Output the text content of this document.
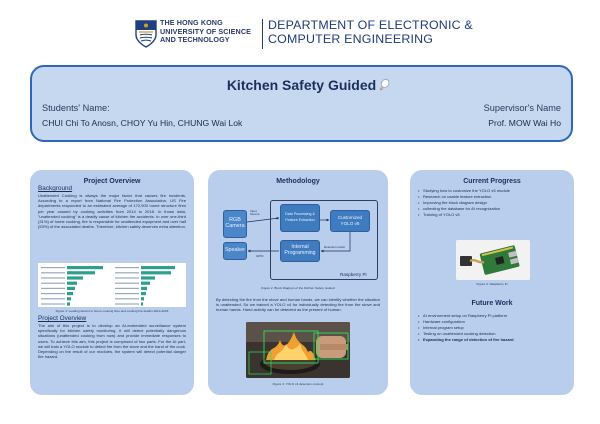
THE HONG KONG
UNIVERSITY OF SCIENCE
AND TECHNOLOGY
DEPARTMENT OF ELECTRONIC &
COMPUTER ENGINEERING
Kitchen Safety Guided
Students' Name:
CHUI Chi To Anosn, CHOY Yu Hin, CHUNG Wai Lok
Supervisor's Name
Prof. MOW Wai Ho
Project Overview
Background
Unattended Cooking is always the major factor that causes fire incidents. According to a report from National Fire Protection Association, US Fire departments responded to an estimated average of 172,900 home structure fires per year caused by cooking activities from 2014 to 2018. In those data, "unattended cooking" is a deadly cause of kitchen fire accidents. In over one-third (31%) of home cooking, fire is responsible for unattended equipment and over half (53%) of the associated deaths. Therefore, kitchen safety deserves extra attention.
Figure 1. Leading factors in home cooking fires and cooking fire deaths 2014-2018
Project Overview
The aim of this project is to develop an AI-embedded surveillance system specifically for kitchen safety monitoring. It will detect potentially dangerous situations (unattended cooking from now) and provide immediate responses to users. To achieve this aim, this project is comprised of two parts. For the AI part, we will train a YOLO module to detect fire from the stove and the hand of the cook. Depending on the result of our modules, the system will detect potential danger fire hazard.
Methodology
RGB Camera
Speaker
Data Processing & Feature Extraction	Customized YOLO v5
Internal Programming
Input Source
GPIO
Detection result
Raspberry Pi
Figure 2. Block Diagram of the Kitchen Safety Guided
By detecting the fire from the stove and human hands, we can identify whether the situation is unattended. So we trained a YOLO v4 for individually detecting fire from the stove and human hands. Hand activity can be detected as the present of human.
Figure 3. YOLO v4 detection concept
Current Progress
• Studying how to customize the YOLO v5 module
• Research on usable feature extraction
• Improving the block diagram design
• collecting the database for AI recognization
• Training of YOLO v5
Figure 4. Raspberry Pi
Future Work
• AI environment setup on Raspberry Pi platform
• Hardware configuration
• Internal program setup
• Testing on unattended cooking detection
• Expanding the range of detection of fire hazard
